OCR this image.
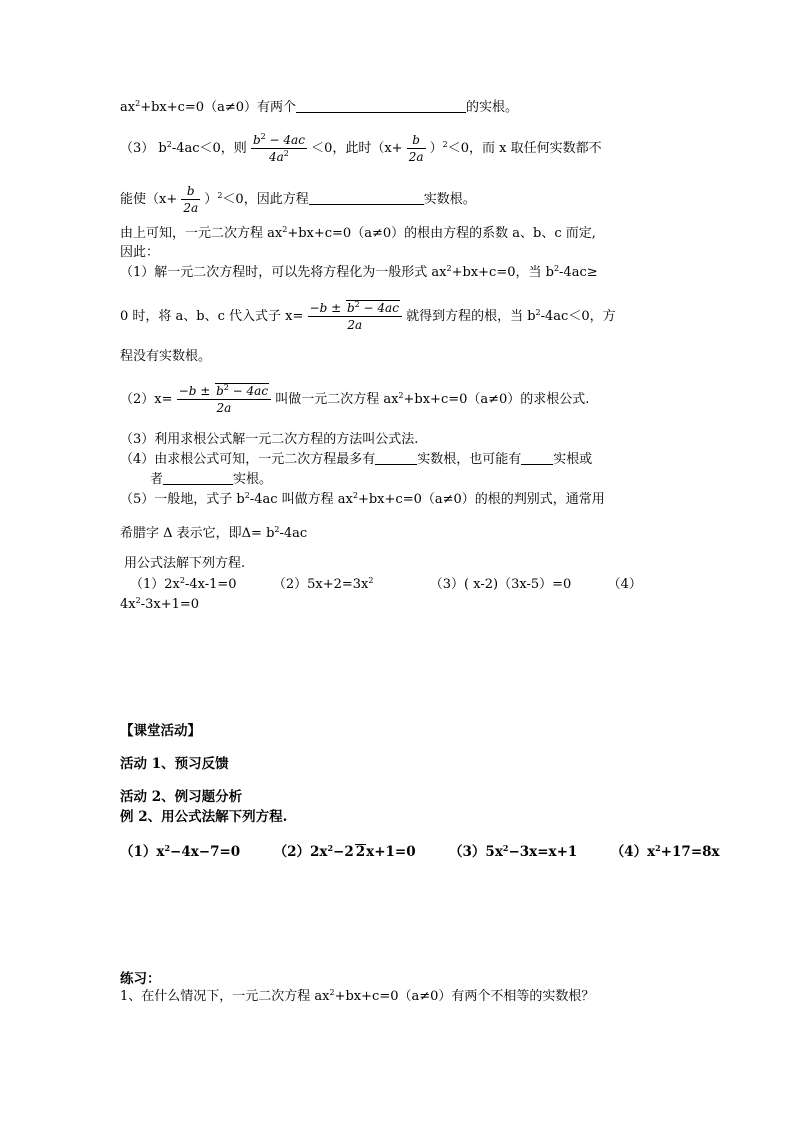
$ax^2+bx+c=0(a\ne 0)$有两个	的实根。
（3） $b^2-4ac<0$，则 $\frac{b^2 - 4ac}{4a^2} <0$，此时$(x+ \frac{b}{2a} )^2<0$，而 x 取任何实数都不
能使$(x+ \frac{b}{2a} )^2<0$，因此方程	实数根。
由上可知，一元二次方程 $ax^2+bx+c=0(a\ne 0)$的根由方程的系数 a、b、c 而定,
因此：
（1）解一元二次方程时，可以先将方程化为一般形式 $ax^2+bx+c=0$，当 $b^2-4ac\ge$
0 时，将 a、b、c 代入式子 $x= \frac{-b \pm b^2 - 4ac}{2a}$ 就得到方程的根，当 $b^2-4ac<0$，方
程没有实数根。
$(2)x= \frac{-b \pm b^2 - 4ac}{2a}$ 叫做一元二次方程 $ax^2+bx+c=0(a\ne 0)$的求根公式.
（3）利用求根公式解一元二次方程的方法叫公式法.
（4）由求根公式可知，一元二次方程最多有	实数根，也可能有 实根或
者	实根。
（5）一般地，式子 $b^2-4ac$ 叫做方程 $ax^2+bx+c=0(a\ne 0)$的根的判别式，通常用
希腊字 Δ 表示它，即$\Delta= b^2-4ac$
用公式法解下列方程.
$(1)2x^2-4x-1=0$	$(2)5x+2=3x^2$	（3）( x-2)（3x-5）=0	（4）
$4x^2-3x+1=0$
【课堂活动】
活动 1、预习反馈
活动 2、例习题分析
例 2、用公式法解下列方程.
$(1)x^2-4x-7=0$ $(2)2x^2-2$ 2x+1=0 $(3)5x^2-3x=x+1$ $(4)x^2+17=8x$
练习：
1、在什么情况下，一元二次方程 $ax^2+bx+c=0(a\ne 0)$有两个不相等的实数根？
